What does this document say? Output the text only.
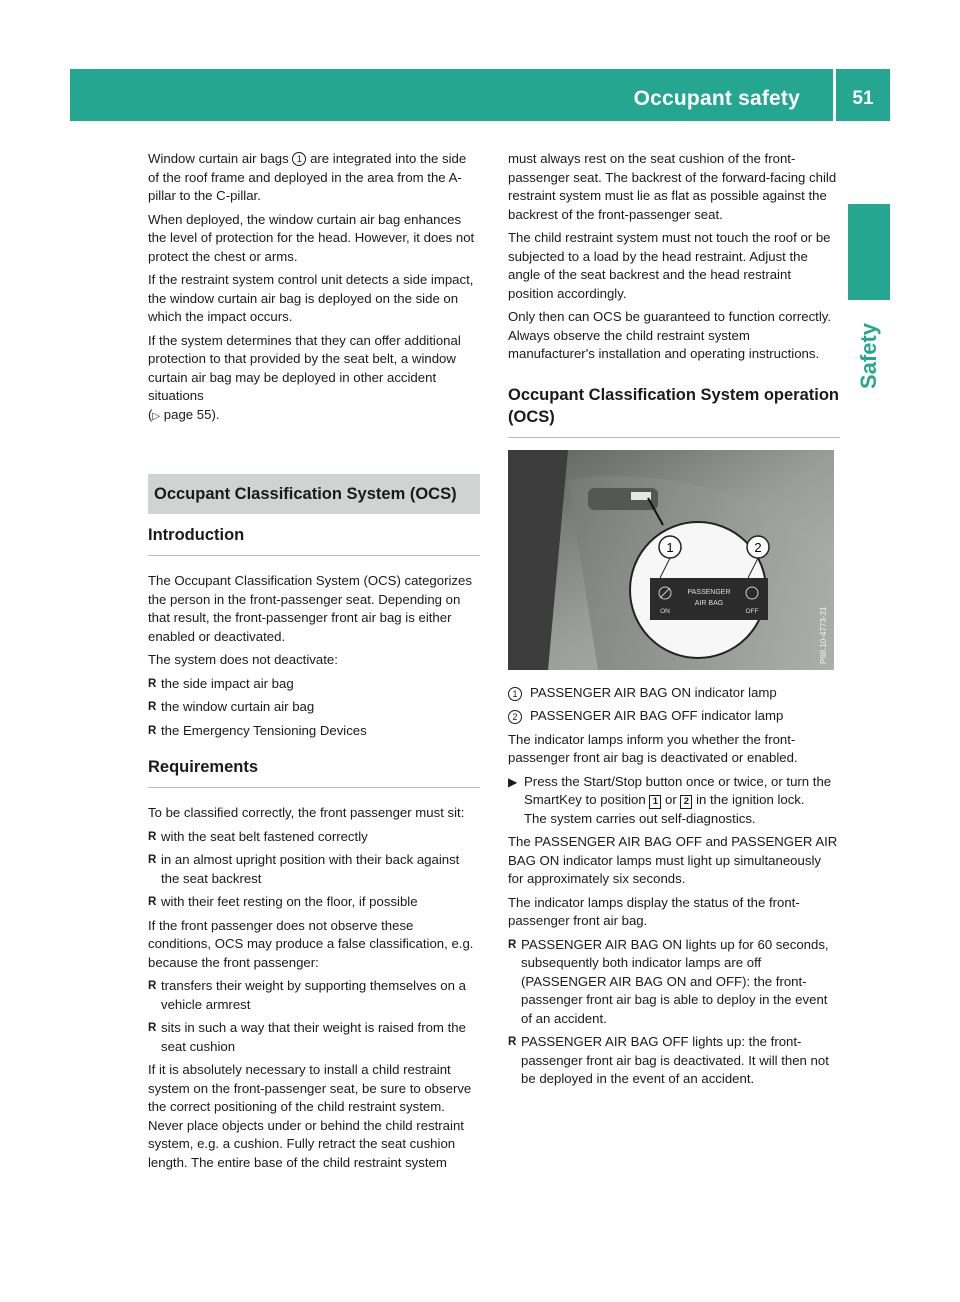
Occupant safety	51
Safety

Window curtain air bags 1 are integrated into the side of the roof frame and deployed in the area from the A-pillar to the C-pillar.

When deployed, the window curtain air bag enhances the level of protection for the head. However, it does not protect the chest or arms.

If the restraint system control unit detects a side impact, the window curtain air bag is deployed on the side on which the impact occurs.

If the system determines that they can offer additional protection to that provided by the seat belt, a window curtain air bag may be deployed in other accident situations
(▷ page 55).

Occupant Classification System (OCS)
Introduction

The Occupant Classification System (OCS) categorizes the person in the front-passenger seat. Depending on that result, the front-passenger front air bag is either enabled or deactivated.

The system does not deactivate:

R the side impact air bag
R the window curtain air bag
R the Emergency Tensioning Devices
Requirements

To be classified correctly, the front passenger must sit:

R with the seat belt fastened correctly
R in an almost upright position with their back against the seat backrest
R with their feet resting on the floor, if possible

If the front passenger does not observe these conditions, OCS may produce a false classification, e.g. because the front passenger:

R transfers their weight by supporting themselves on a vehicle armrest
R sits in such a way that their weight is raised from the seat cushion

If it is absolutely necessary to install a child restraint system on the front-passenger seat, be sure to observe the correct positioning of the child restraint system. Never place objects under or behind the child restraint system, e.g. a cushion. Fully retract the seat cushion length. The entire base of the child restraint system

must always rest on the seat cushion of the front-passenger seat. The backrest of the forward-facing child restraint system must lie as flat as possible against the backrest of the front-passenger seat.

The child restraint system must not touch the roof or be subjected to a load by the head restraint. Adjust the angle of the seat backrest and the head restraint position accordingly.

Only then can OCS be guaranteed to function correctly. Always observe the child restraint system manufacturer's installation and operating instructions.

Occupant Classification System operation (OCS)
1	2
PASSENGER
AIR BAG
ON	OFF	P68.10-4773-31
1 PASSENGER AIR BAG ON indicator lamp
2 PASSENGER AIR BAG OFF indicator lamp

The indicator lamps inform you whether the front-passenger front air bag is deactivated or enabled.

▶ Press the Start/Stop button once or twice, or turn the SmartKey to position 1 or 2 in the ignition lock.
The system carries out self-diagnostics.

The PASSENGER AIR BAG OFF and PASSENGER AIR BAG ON indicator lamps must light up simultaneously for approximately six seconds.

The indicator lamps display the status of the front-passenger front air bag.

R PASSENGER AIR BAG ON lights up for 60 seconds, subsequently both indicator lamps are off (PASSENGER AIR BAG ON and OFF): the front-passenger front air bag is able to deploy in the event of an accident.
R PASSENGER AIR BAG OFF lights up: the front-passenger front air bag is deactivated. It will then not be deployed in the event of an accident.
